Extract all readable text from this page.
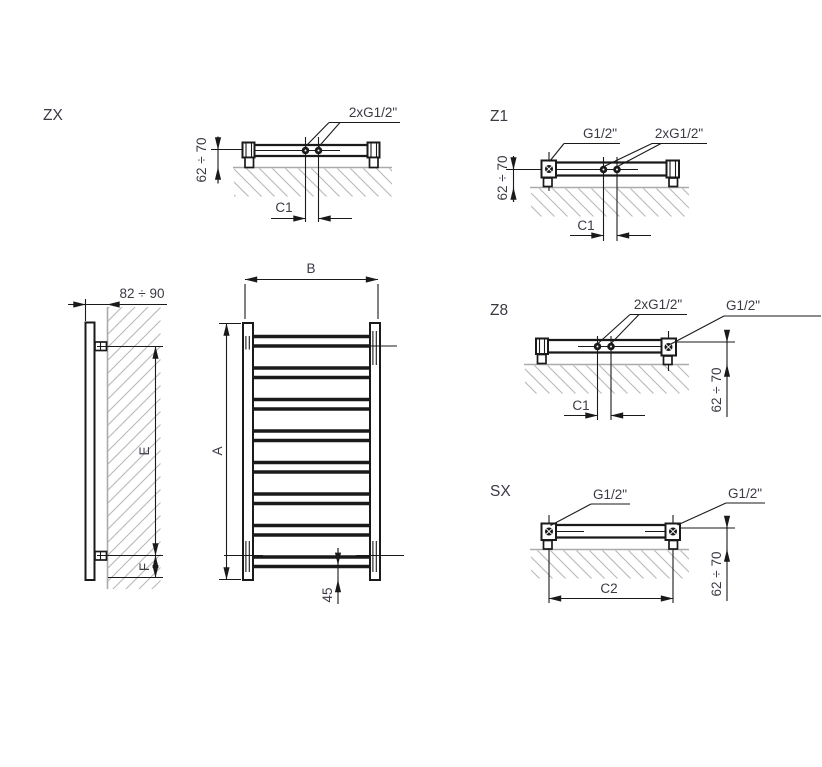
ZX
62 ÷ 70
C1
2xG1/2"	Z1
62 ÷ 70
C1
G1/2"	2xG1/2"
Z8
C1	62 ÷ 70
2xG1/2"	G1/2"
SX
C2	62 ÷ 70
G1/2"	G1/2"
82 ÷ 90
E
F
B
A
45
